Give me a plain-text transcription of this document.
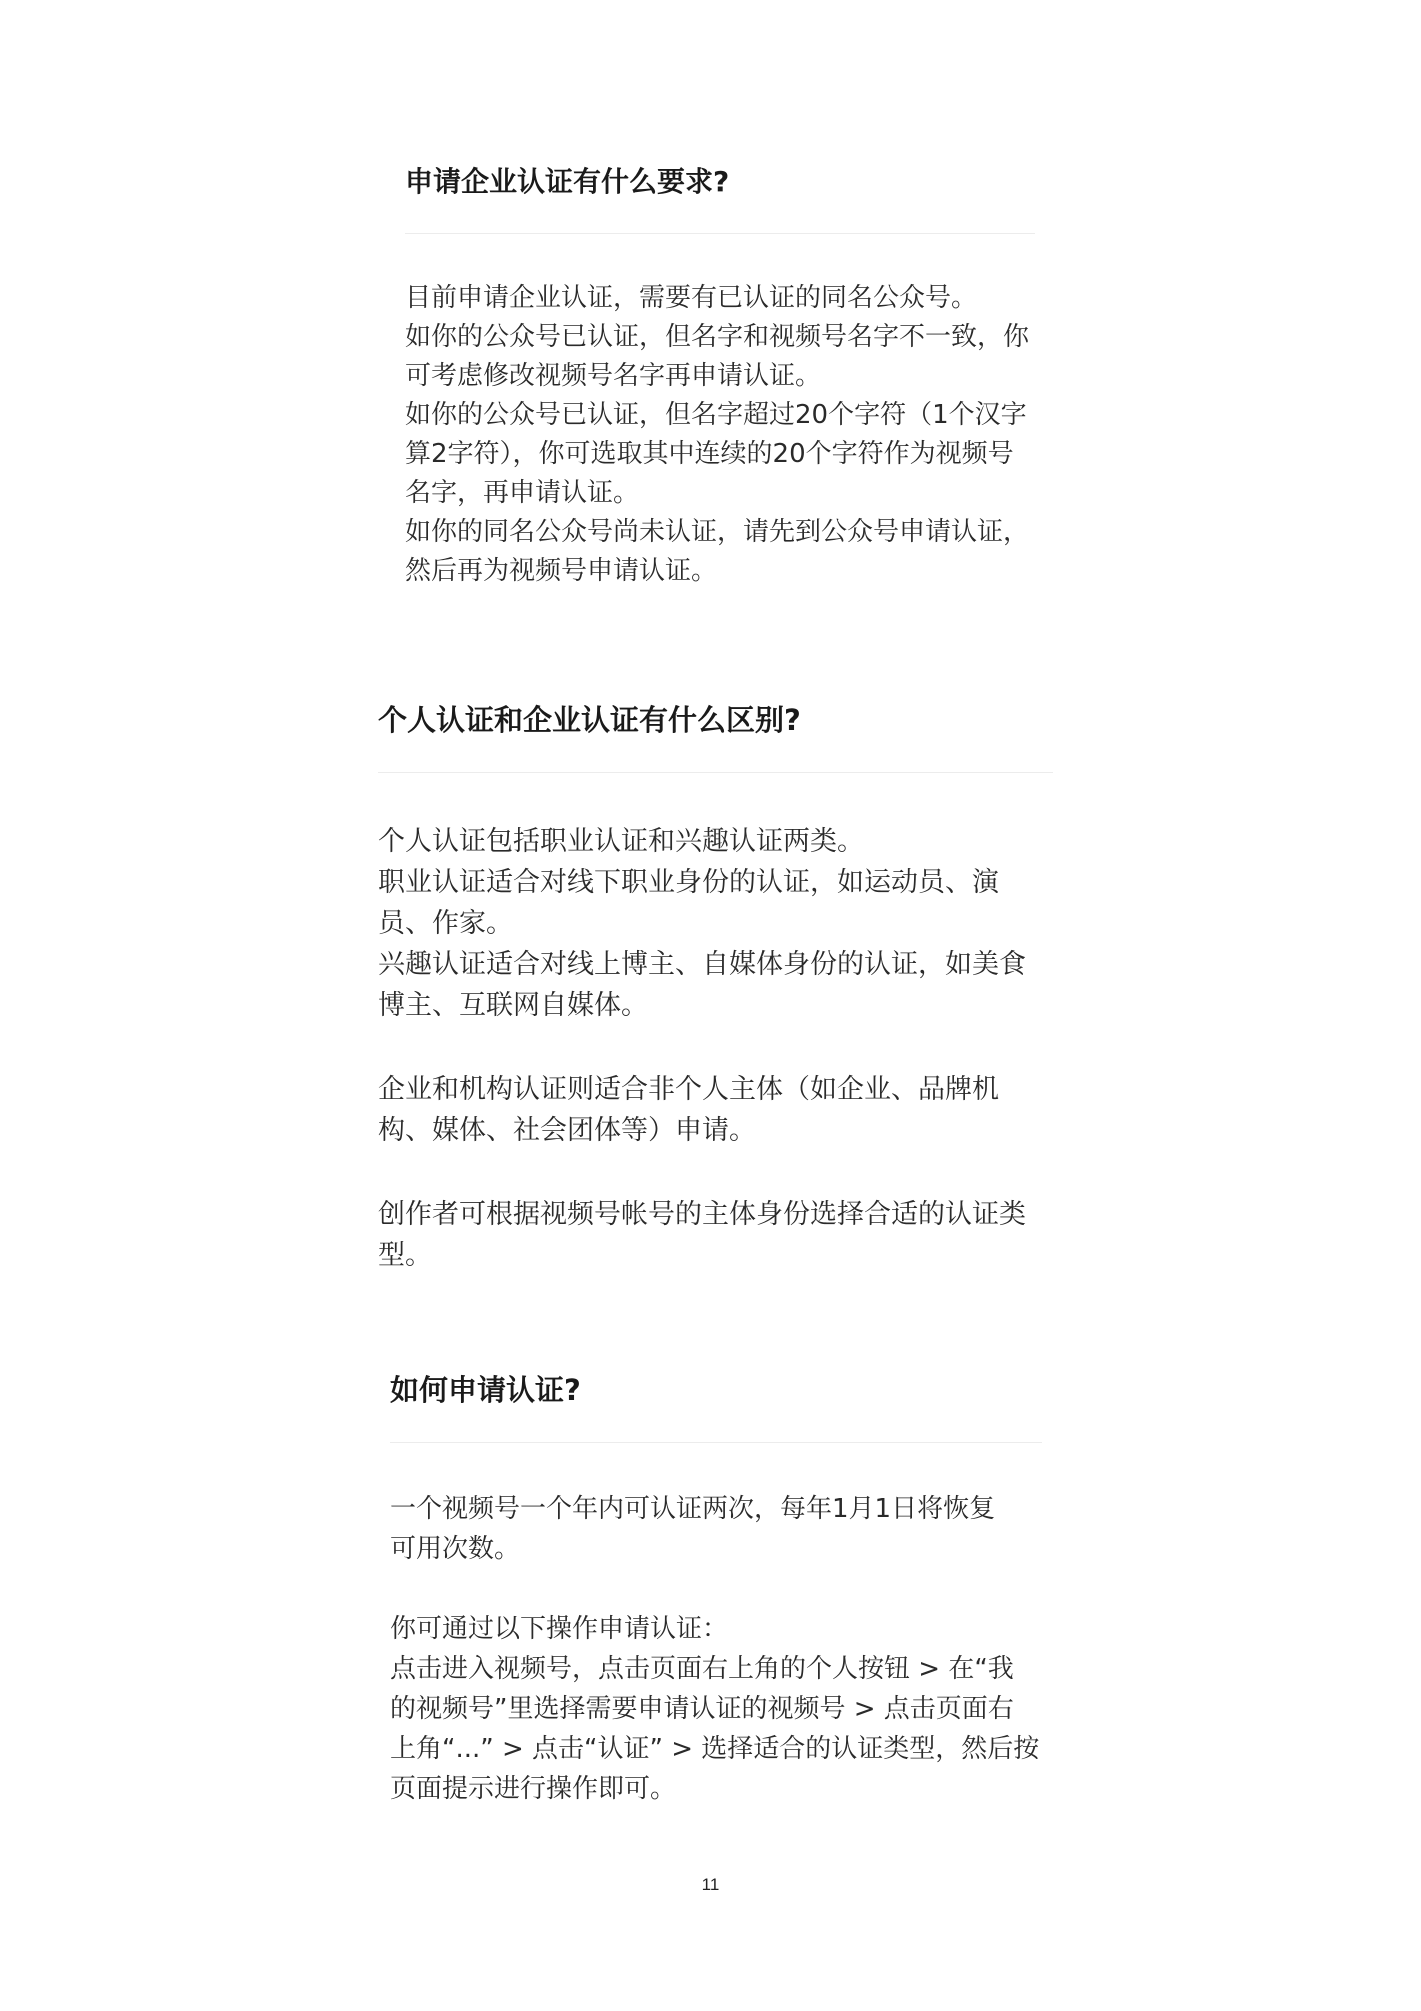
申请企业认证有什么要求?

目前申请企业认证，需要有已认证的同名公众号。
如你的公众号已认证，但名字和视频号名字不一致，你
可考虑修改视频号名字再申请认证。
如你的公众号已认证，但名字超过20个字符（1个汉字
算2字符），你可选取其中连续的20个字符作为视频号
名字，再申请认证。
如你的同名公众号尚未认证，请先到公众号申请认证，
然后再为视频号申请认证。

个人认证和企业认证有什么区别?

个人认证包括职业认证和兴趣认证两类。
职业认证适合对线下职业身份的认证，如运动员、演
员、作家。
兴趣认证适合对线上博主、自媒体身份的认证，如美食
博主、互联网自媒体。

企业和机构认证则适合非个人主体（如企业、品牌机
构、媒体、社会团体等）申请。

创作者可根据视频号帐号的主体身份选择合适的认证类
型。

如何申请认证?

一个视频号一个年内可认证两次，每年1月1日将恢复
可用次数。

你可通过以下操作申请认证：
点击进入视频号，点击页面右上角的个人按钮 > 在“我
的视频号”里选择需要申请认证的视频号 > 点击页面右
上角“...” > 点击“认证” > 选择适合的认证类型，然后按
页面提示进行操作即可。

11
